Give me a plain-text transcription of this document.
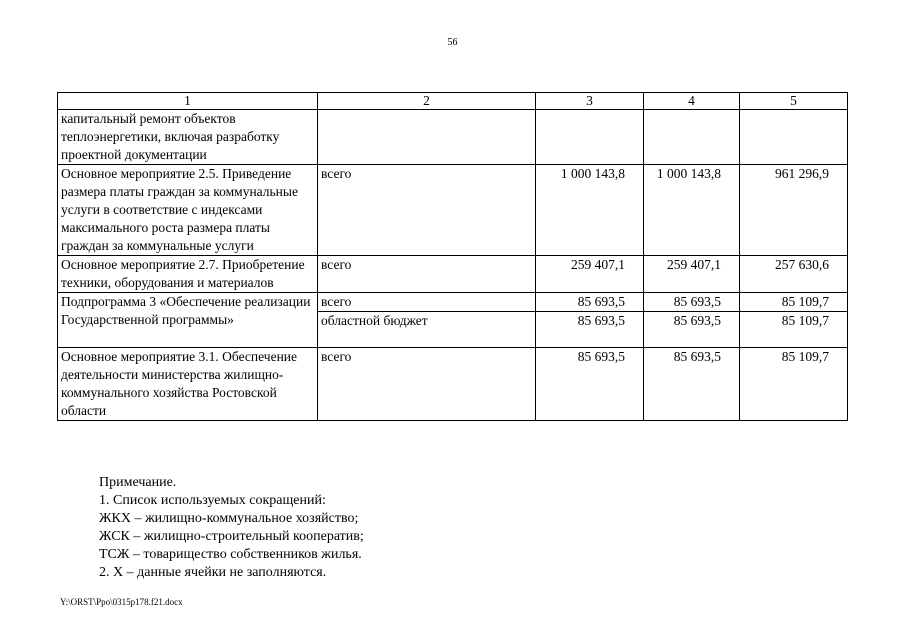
56
1	2	3	4	5
капитальный ремонт объектов теплоэнергетики, включая разработку проектной документации				
Основное мероприятие 2.5. Приведение размера платы граждан за коммунальные услуги в соответствие с индексами максимального роста размера платы граждан за коммунальные услуги	всего	1 000 143,8	1 000 143,8	961 296,9
Основное мероприятие 2.7. Приобретение техники, оборудования и материалов	всего	259 407,1	259 407,1	257 630,6
Подпрограмма 3 «Обеспечение реализации Государственной программы»	всего	85 693,5	85 693,5	85 109,7
	областной бюджет	85 693,5	85 693,5	85 109,7
Основное мероприятие 3.1. Обеспечение деятельности министерства жилищно-коммунального хозяйства Ростовской области	всего	85 693,5	85 693,5	85 109,7
Примечание.
1. Список используемых сокращений:
ЖКХ – жилищно-коммунальное хозяйство;
ЖСК – жилищно-строительный кооператив;
ТСЖ – товарищество собственников жилья.
2. Х – данные ячейки не заполняются.
Y:\ORST\Ppo\0315p178.f21.docx
